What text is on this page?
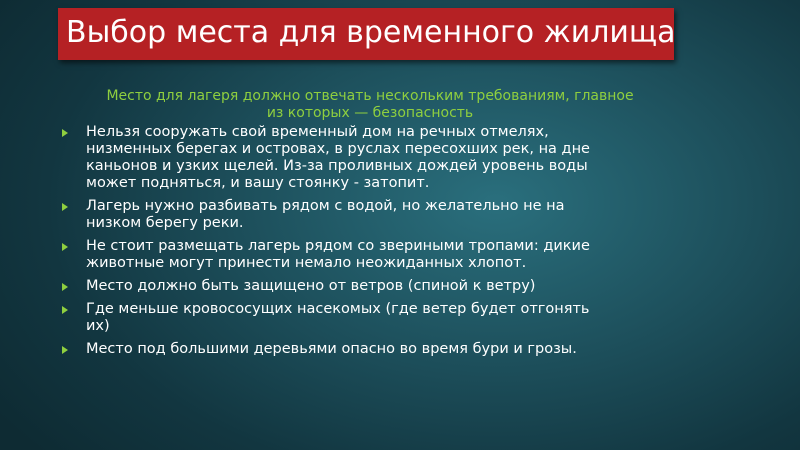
Выбор места для временного жилища

Место для лагеря должно отвечать нескольким требованиям, главное из которых — безопасность

Нельзя сооружать свой временный дом на речных отмелях, низменных берегах и островах, в руслах пересохших рек, на дне каньонов и узких щелей. Из-за проливных дождей уровень воды может подняться, и вашу стоянку - затопит.
Лагерь нужно разбивать рядом с водой, но желательно не на низком берегу реки.
Не стоит размещать лагерь рядом со звериными тропами: дикие животные могут принести немало неожиданных хлопот.
Место должно быть защищено от ветров (спиной к ветру)
Где меньше кровососущих насекомых (где ветер будет отгонять их)
Место под большими деревьями опасно во время бури и грозы.
